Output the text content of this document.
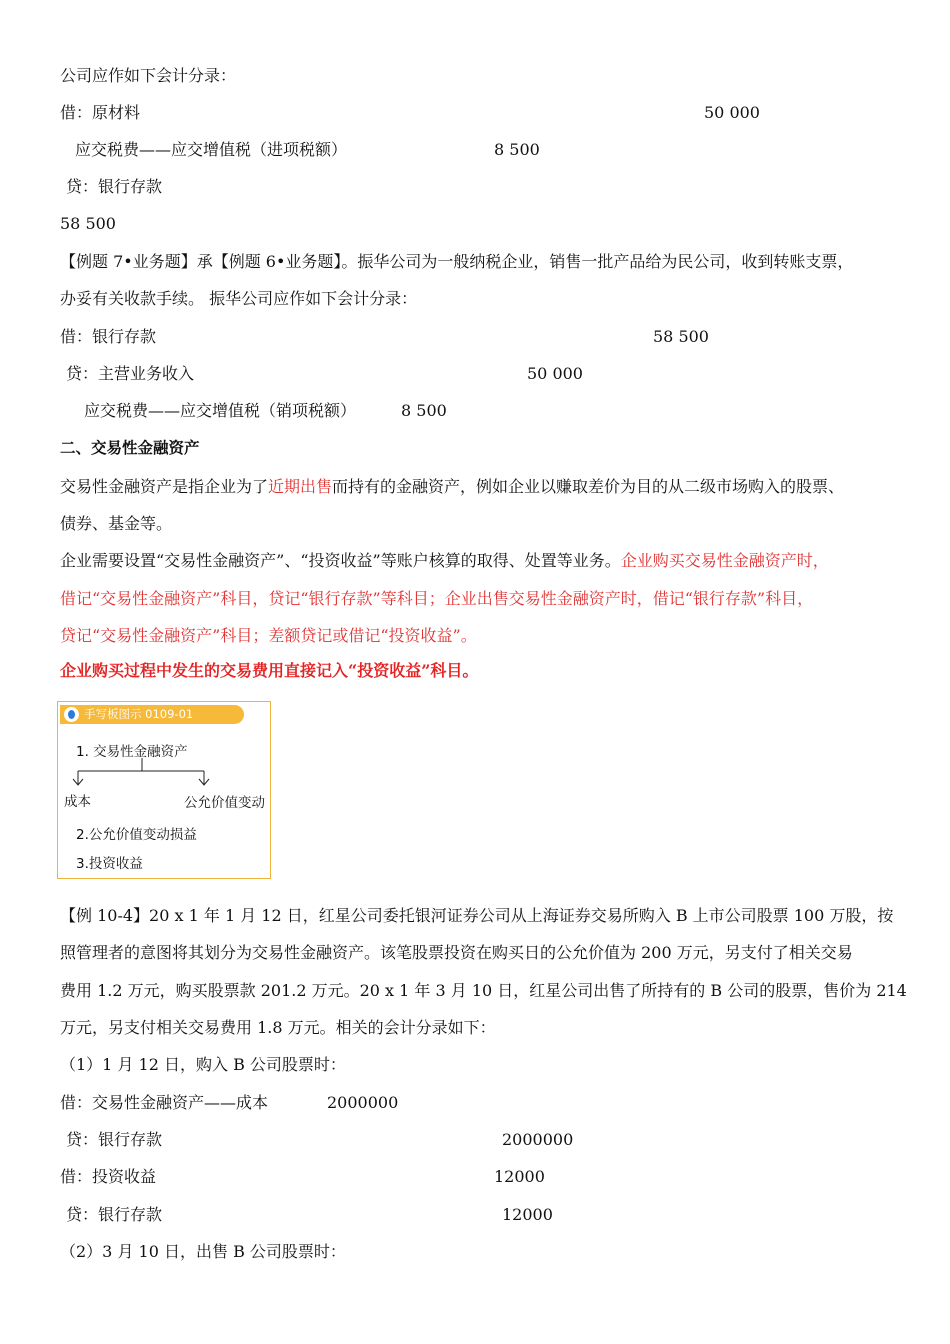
公司应作如下会计分录：
借：原材料	50 000
应交税费——应交增值税（进项税额）	8 500
贷：银行存款
58 500
【例题 7•业务题】承【例题 6•业务题】。振华公司为一般纳税企业，销售一批产品给为民公司，收到转账支票，
办妥有关收款手续。 振华公司应作如下会计分录：
借：银行存款	58 500
贷：主营业务收入	50 000
应交税费——应交增值税（销项税额）	8 500
二、交易性金融资产
交易性金融资产是指企业为了近期出售而持有的金融资产，例如企业以赚取差价为目的从二级市场购入的股票、
债券、基金等。
企业需要设置“交易性金融资产”、“投资收益”等账户核算的取得、处置等业务。企业购买交易性金融资产时，
借记“交易性金融资产”科目，贷记“银行存款”等科目；企业出售交易性金融资产时，借记“银行存款”科目，
贷记“交易性金融资产”科目；差额贷记或借记“投资收益”。
企业购买过程中发生的交易费用直接记入“投资收益”科目。
手写板图示 0109-01
1. 交易性金融资产
成本	公允价值变动
2.公允价值变动损益
3.投资收益
【例 10-4】20 x 1 年 1 月 12 日，红星公司委托银河证券公司从上海证券交易所购入 B 上市公司股票 100 万股，按
照管理者的意图将其划分为交易性金融资产。该笔股票投资在购买日的公允价值为 200 万元，另支付了相关交易
费用 1.2 万元，购买股票款 201.2 万元。20 x 1 年 3 月 10 日，红星公司出售了所持有的 B 公司的股票，售价为 214
万元，另支付相关交易费用 1.8 万元。相关的会计分录如下：
（1）1 月 12 日，购入 B 公司股票时：
借：交易性金融资产——成本	2000000
贷：银行存款	2000000
借：投资收益	12000
贷：银行存款	12000
（2）3 月 10 日，出售 B 公司股票时：
